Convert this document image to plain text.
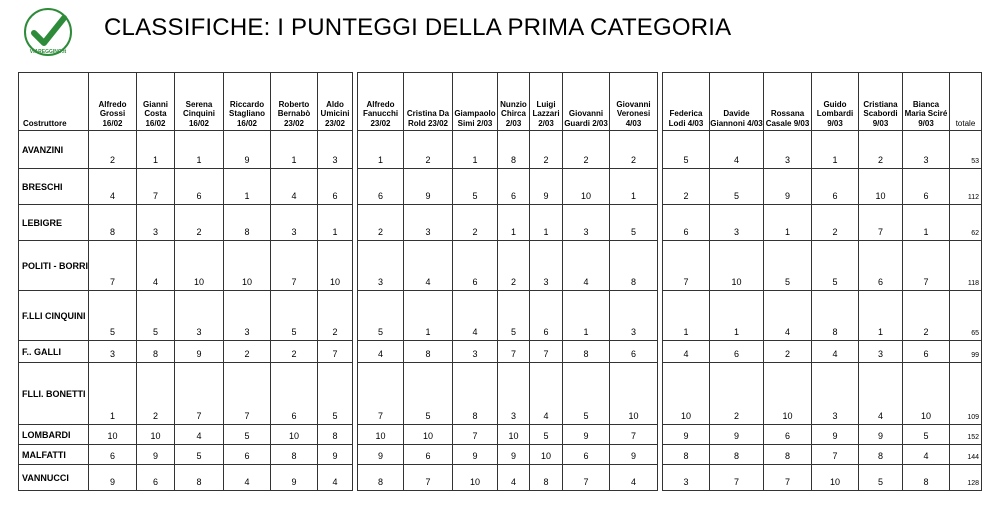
VIAREGGINO.it
CLASSIFICHE: I PUNTEGGI DELLA PRIMA CATEGORIA
Costruttore	Alfredo Grossi 16/02	Gianni Costa 16/02	Serena Cinquini 16/02	Riccardo Stagliano 16/02	Roberto Bernabò 23/02	Aldo Umicini 23/02		Alfredo Fanucchi 23/02	Cristina Da Rold 23/02	Giampaolo Simi 2/03	Nunzio Chirca 2/03	Luigi Lazzari 2/03	Giovanni Guardi 2/03	Giovanni Veronesi 4/03		Federica Lodi 4/03	Davide Giannoni 4/03	Rossana Casale 9/03	Guido Lombardi 9/03	Cristiana Scabordi 9/03	Bianca Maria Sciré 9/03	totale
AVANZINI	2	1	1	9	1	3		1	2	1	8	2	2	2		5	4	3	1	2	3	53
BRESCHI	4	7	6	1	4	6		6	9	5	6	9	10	1		2	5	9	6	10	6	112
LEBIGRE	8	3	2	8	3	1		2	3	2	1	1	3	5		6	3	1	2	7	1	62
POLITI - BORRI	7	4	10	10	7	10		3	4	6	2	3	4	8		7	10	5	5	6	7	118
F.LLI CINQUINI	5	5	3	3	5	2		5	1	4	5	6	1	3		1	1	4	8	1	2	65
F.. GALLI	3	8	9	2	2	7		4	8	3	7	7	8	6		4	6	2	4	3	6	99
FLLI. BONETTI	1	2	7	7	6	5		7	5	8	3	4	5	10		10	2	10	3	4	10	109
LOMBARDI	10	10	4	5	10	8		10	10	7	10	5	9	7		9	9	6	9	9	5	152
MALFATTI	6	9	5	6	8	9		9	6	9	9	10	6	9		8	8	8	7	8	4	144
VANNUCCI	9	6	8	4	9	4		8	7	10	4	8	7	4		3	7	7	10	5	8	128
